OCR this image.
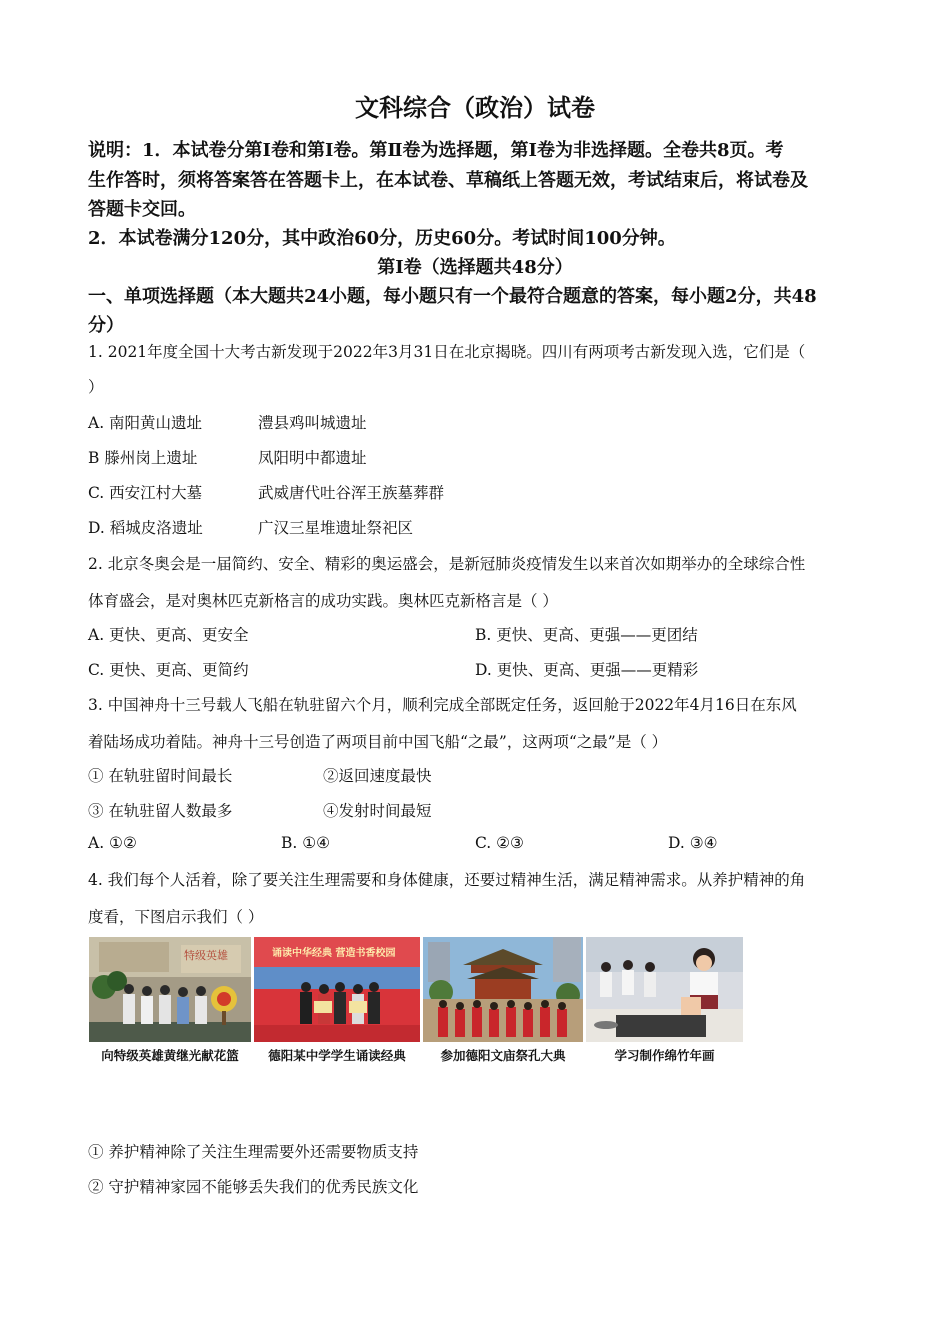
文科综合（政治）试卷
说明：1．本试卷分第Ⅰ卷和第Ⅰ卷。第Ⅱ卷为选择题，第Ⅰ卷为非选择题。全卷共8页。考
生作答时，须将答案答在答题卡上，在本试卷、草稿纸上答题无效，考试结束后，将试卷及
答题卡交回。
2．本试卷满分120分，其中政治60分，历史60分。考试时间100分钟。
第Ⅰ卷（选择题共48分）
一、单项选择题（本大题共24小题，每小题只有一个最符合题意的答案，每小题2分，共48
分）
1. 2021年度全国十大考古新发现于2022年3月31日在北京揭晓。四川有两项考古新发现入选，它们是（
）
A. 南阳黄山遗址	澧县鸡叫城遗址
B 滕州岗上遗址	凤阳明中都遗址
C. 西安江村大墓	武威唐代吐谷浑王族墓葬群
D. 稻城皮洛遗址	广汉三星堆遗址祭祀区
2. 北京冬奥会是一届简约、安全、精彩的奥运盛会，是新冠肺炎疫情发生以来首次如期举办的全球综合性
体育盛会，是对奥林匹克新格言的成功实践。奥林匹克新格言是（ ）
A. 更快、更高、更安全	B. 更快、更高、更强——更团结
C. 更快、更高、更简约	D. 更快、更高、更强——更精彩
3. 中国神舟十三号载人飞船在轨驻留六个月，顺利完成全部既定任务，返回舱于2022年4月16日在东风
着陆场成功着陆。神舟十三号创造了两项目前中国飞船“之最”，这两项“之最”是（ ）
① 在轨驻留时间最长	②返回速度最快
③ 在轨驻留人数最多	④发射时间最短
A. ①②	B. ①④	C. ②③	D. ③④
4. 我们每个人活着，除了要关注生理需要和身体健康，还要过精神生活，满足精神需求。从养护精神的角
度看，下图启示我们（ ）
特级英雄	诵读中华经典 营造书香校园
向特级英雄黄继光献花篮	德阳某中学学生诵读经典	参加德阳文庙祭孔大典	学习制作绵竹年画
① 养护精神除了关注生理需要外还需要物质支持
② 守护精神家园不能够丢失我们的优秀民族文化
